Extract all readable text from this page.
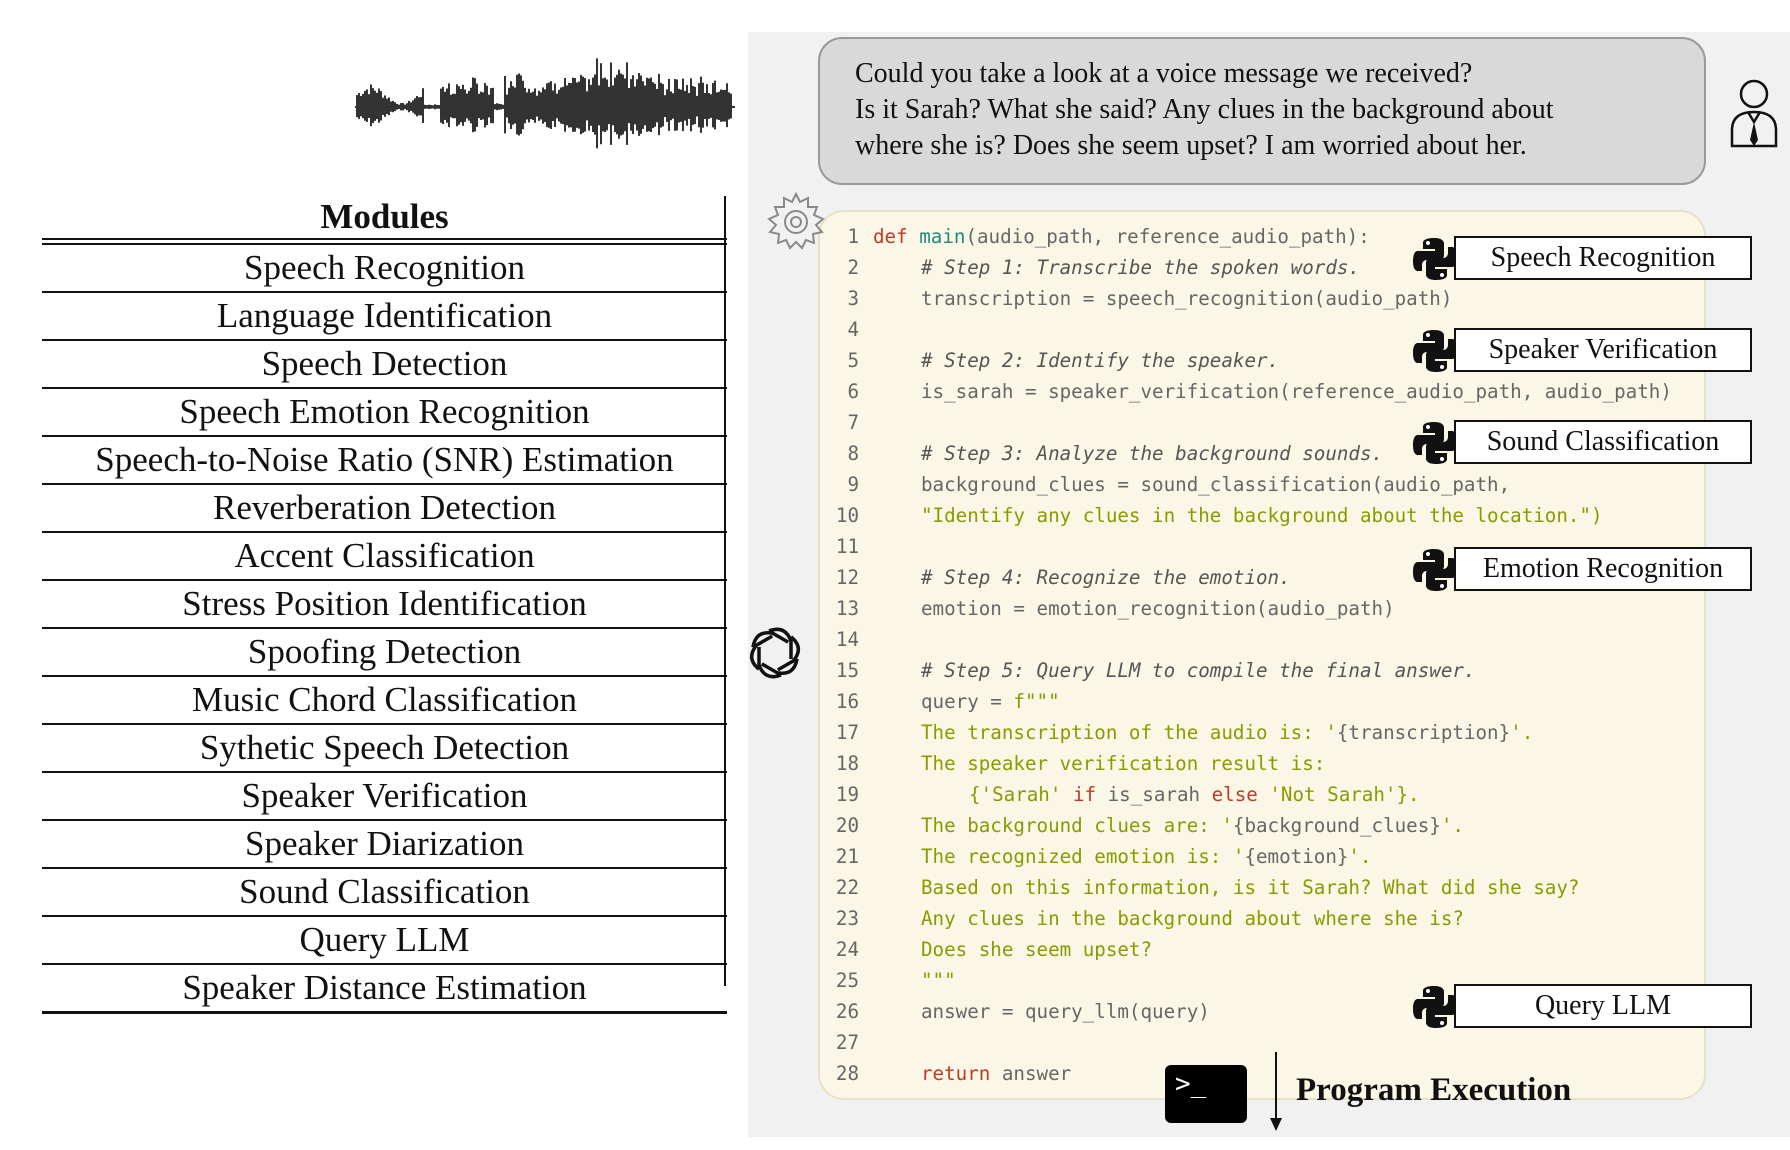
Modules
Speech Recognition
Language Identification
Speech Detection
Speech Emotion Recognition
Speech-to-Noise Ratio (SNR) Estimation
Reverberation Detection
Accent Classification
Stress Position Identification
Spoofing Detection
Music Chord Classification
Sythetic Speech Detection
Speaker Verification
Speaker Diarization
Sound Classification
Query LLM
Speaker Distance Estimation
Could you take a look at a voice message we received?
Is it Sarah? What she said? Any clues in the background about
where she is? Does she seem upset? I am worried about her.
1 def main(audio_path, reference_audio_path):
2	# Step 1: Transcribe the spoken words.
3	transcription = speech_recognition(audio_path)
4
5	# Step 2: Identify the speaker.
6	is_sarah = speaker_verification(reference_audio_path, audio_path)
7
8	# Step 3: Analyze the background sounds.
9	background_clues = sound_classification(audio_path,
10	"Identify any clues in the background about the location.")
11
12	# Step 4: Recognize the emotion.
13	emotion = emotion_recognition(audio_path)
14
15	# Step 5: Query LLM to compile the final answer.
16	query = f"""
17	The transcription of the audio is: '{transcription}'.
18	The speaker verification result is:
19	{'Sarah' if is_sarah else 'Not Sarah'}.
20	The background clues are: '{background_clues}'.
21	The recognized emotion is: '{emotion}'.
22	Based on this information, is it Sarah? What did she say?
23	Any clues in the background about where she is?
24	Does she seem upset?
25	"""
26	answer = query_llm(query)
27
28	return answer
Speech Recognition
Speaker Verification
Sound Classification
Emotion Recognition
Query LLM
>_	Program Execution
